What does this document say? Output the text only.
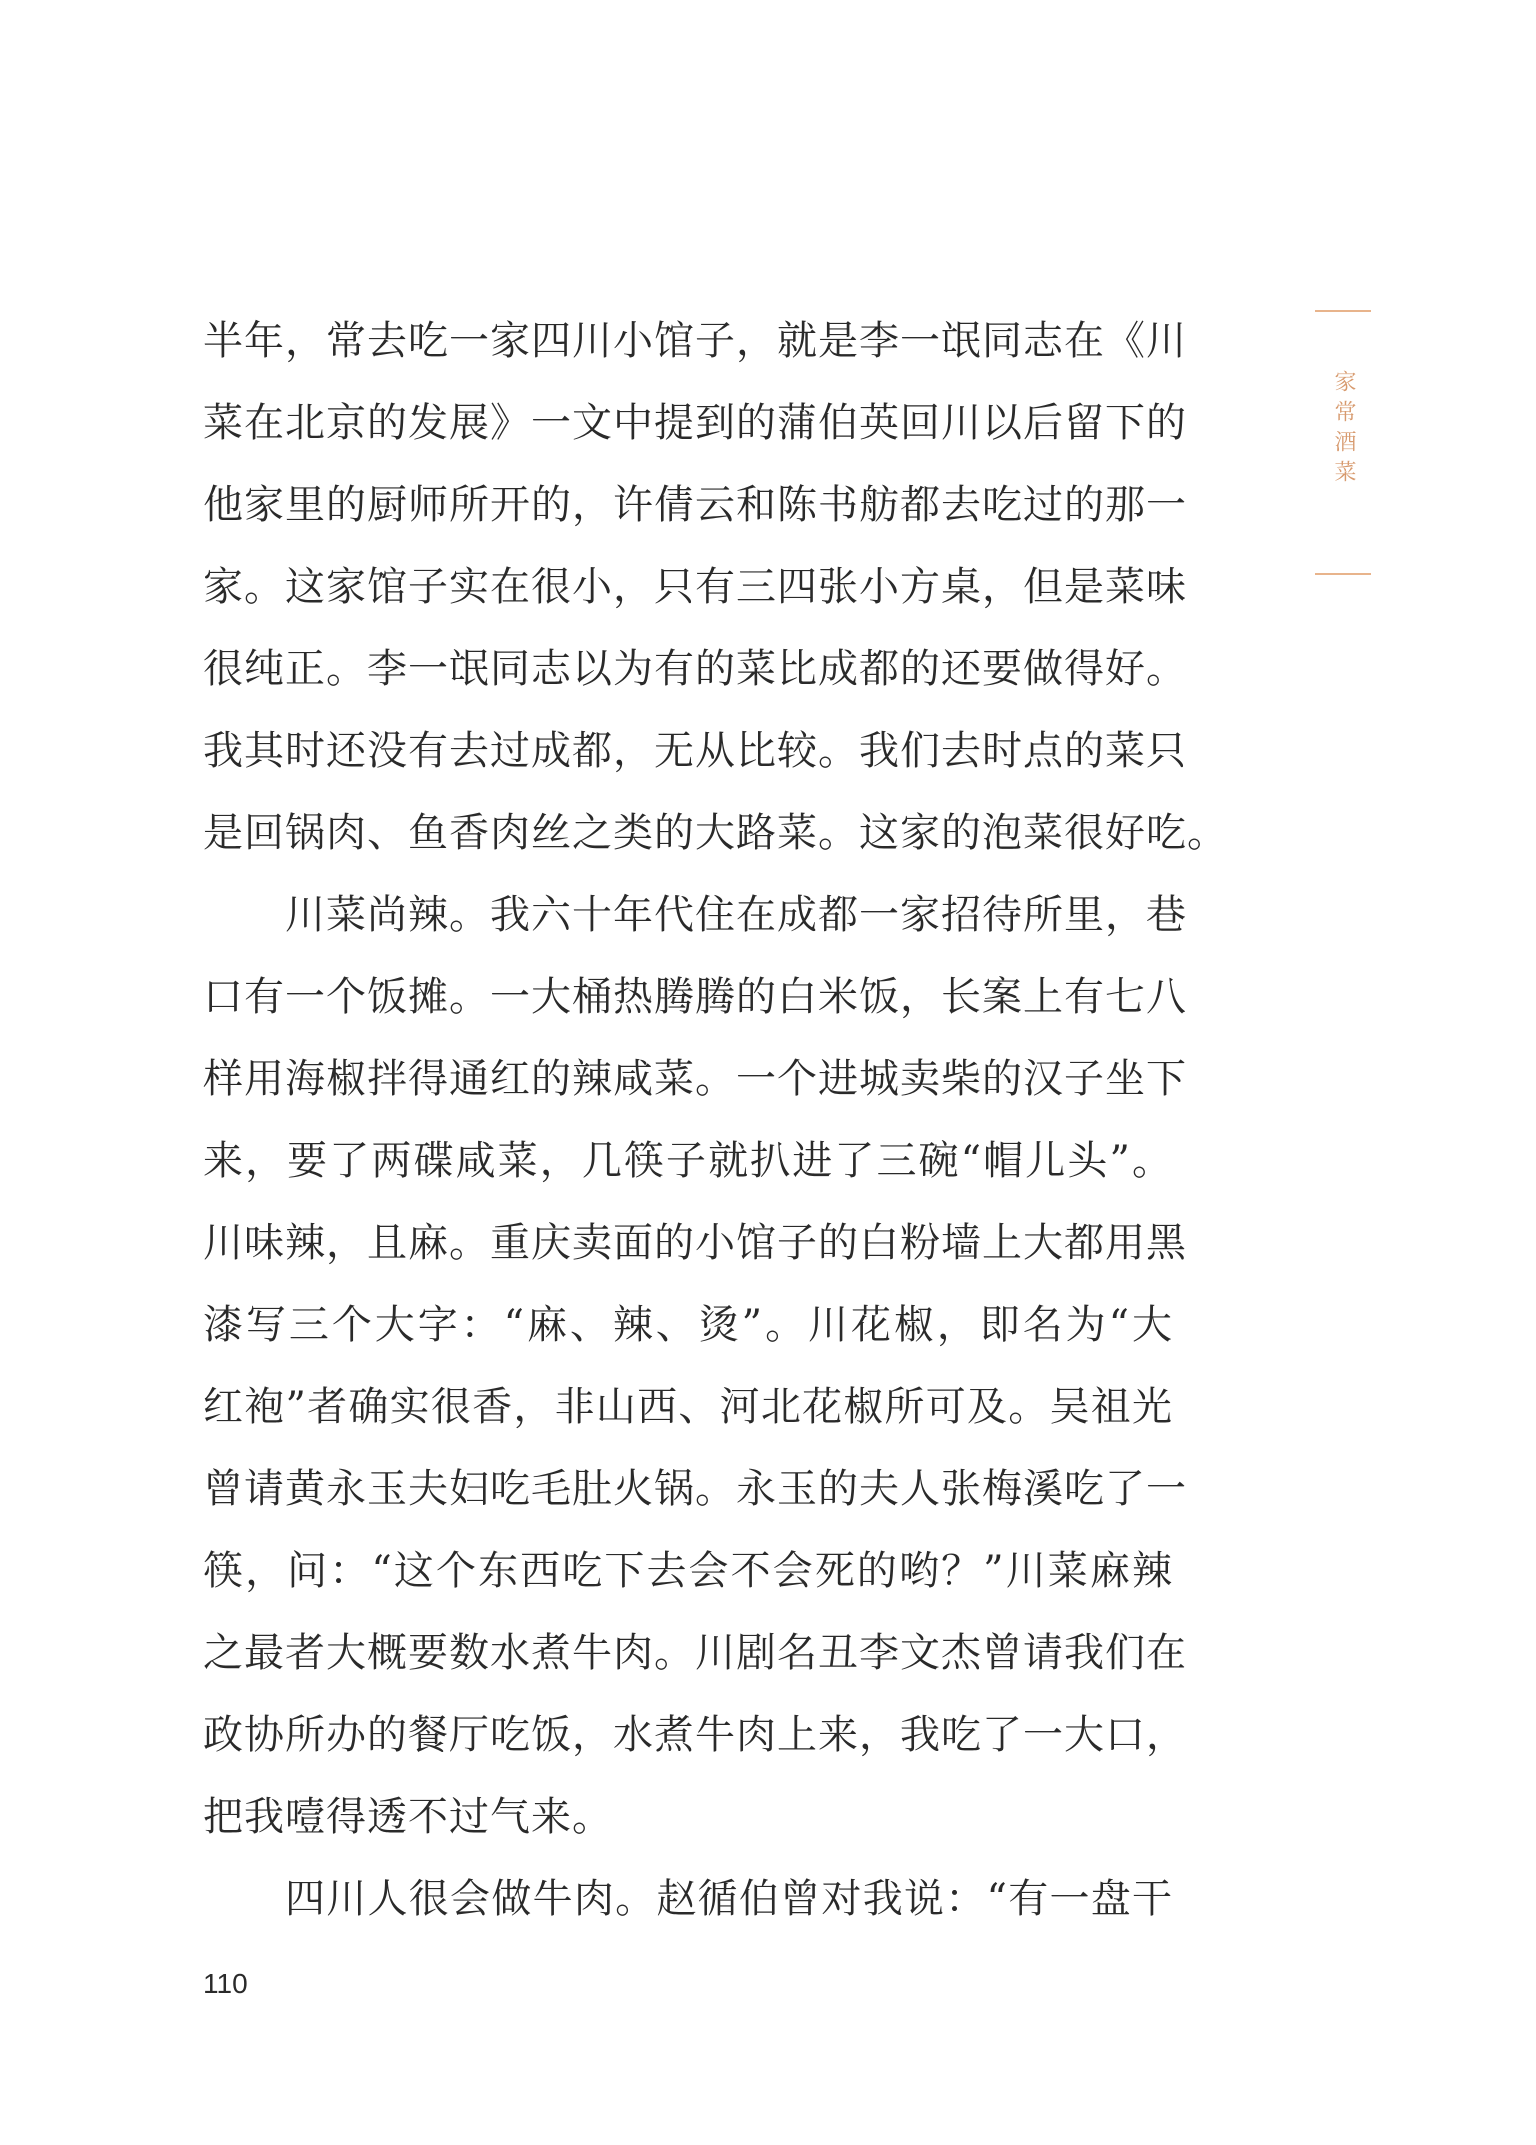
家常酒菜
半年，常去吃一家四川小馆子，就是李一氓同志在《川
菜在北京的发展》一文中提到的蒲伯英回川以后留下的
他家里的厨师所开的，许倩云和陈书舫都去吃过的那一
家。这家馆子实在很小，只有三四张小方桌，但是菜味
很纯正。李一氓同志以为有的菜比成都的还要做得好。
我其时还没有去过成都，无从比较。我们去时点的菜只
是回锅肉、鱼香肉丝之类的大路菜。这家的泡菜很好吃。
川菜尚辣。我六十年代住在成都一家招待所里，巷
口有一个饭摊。一大桶热腾腾的白米饭，长案上有七八
样用海椒拌得通红的辣咸菜。一个进城卖柴的汉子坐下
来，要了两碟咸菜，几筷子就扒进了三碗“帽儿头”。
川味辣，且麻。重庆卖面的小馆子的白粉墙上大都用黑
漆写三个大字：“麻、辣、烫”。川花椒，即名为“大
红袍”者确实很香，非山西、河北花椒所可及。吴祖光
曾请黄永玉夫妇吃毛肚火锅。永玉的夫人张梅溪吃了一
筷，问：“这个东西吃下去会不会死的哟？”川菜麻辣
之最者大概要数水煮牛肉。川剧名丑李文杰曾请我们在
政协所办的餐厅吃饭，水煮牛肉上来，我吃了一大口，
把我噎得透不过气来。
四川人很会做牛肉。赵循伯曾对我说：“有一盘干
110
